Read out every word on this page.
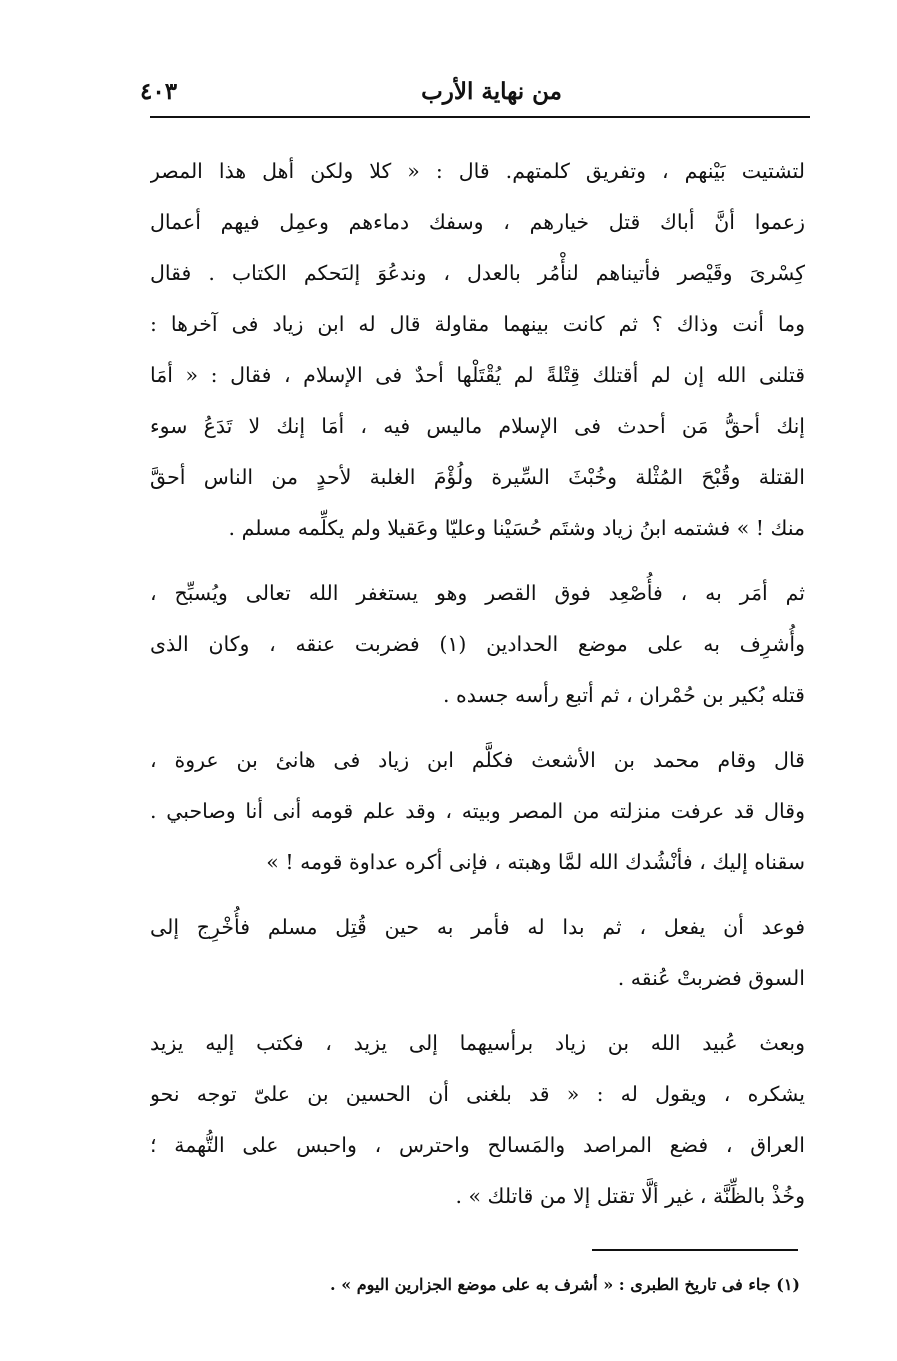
من نهاية الأرب
٤٠٣
لتشتيت بَيْنهم ، وتفريق كلمتهم. قال : « كلا ولكن أهل هذا المصر
زعموا أنَّ أباك قتل خيارهم ، وسفك دماءهم وعمِل فيهم أعمال
كِسْرىَ وقَيْصر فأتيناهم لنأْمُر بالعدل ، وندعُوَ إلىَحكم الكتاب . فقال
وما أنت وذاك ؟ ثم كانت بينهما مقاولة قال له ابن زياد فى آخرها :
قتلنى الله إن لم أقتلك قِتْلةً لم يُقْتَلْها أحدٌ فى الإسلام ، فقال : « أمَا
إنك أحقُّ مَن أحدث فى الإسلام ماليس فيه ، أمَا إنك لا تَدَعُ سوء
القتلة وقُبْحَ المُثْلة وخُبْثَ السِّيرة ولُؤْمَ الغلبة لأحدٍ من الناس أحقَّ
منك ! » فشتمه ابنُ زياد وشتَم حُسَيْنا وعليّا وعَقيلا ولم يكلِّمه مسلم .
ثم أمَر به ، فأُصْعِد فوق القصر وهو يستغفر الله تعالى ويُسبِّح ،
وأُشرِف به على موضع الحدادين (١) فضربت عنقه ، وكان الذى
قتله بُكير بن حُمْران ، ثم أتبع رأسه جسده .
قال وقام محمد بن الأشعث فكلَّم ابن زياد فى هانئ بن عروة ،
وقال قد عرفت منزلته من المصر وبيته ، وقد علم قومه أنى أنا وصاحبي .
سقناه إليك ، فأنْشُدك الله لمَّا وهبته ، فإنى أكره عداوة قومه ! »
فوعد أن يفعل ، ثم بدا له فأمر به حين قُتِل مسلم فأُخْرِج إلى
السوق فضربتْ عُنقه .
وبعث عُبيد الله بن زياد برأسيهما إلى يزيد ، فكتب إليه يزيد
يشكره ، ويقول له : « قد بلغنى أن الحسين بن علىّ توجه نحو
العراق ، فضع المراصد والمَسالح واحترس ، واحبس على التُّهمة ؛
وخُذْ بالظِّنَّة ، غير ألَّا تقتل إلا من قاتلك » .
(١) جاء فى تاريخ الطبرى : « أشرف به على موضع الجزارين اليوم » .
